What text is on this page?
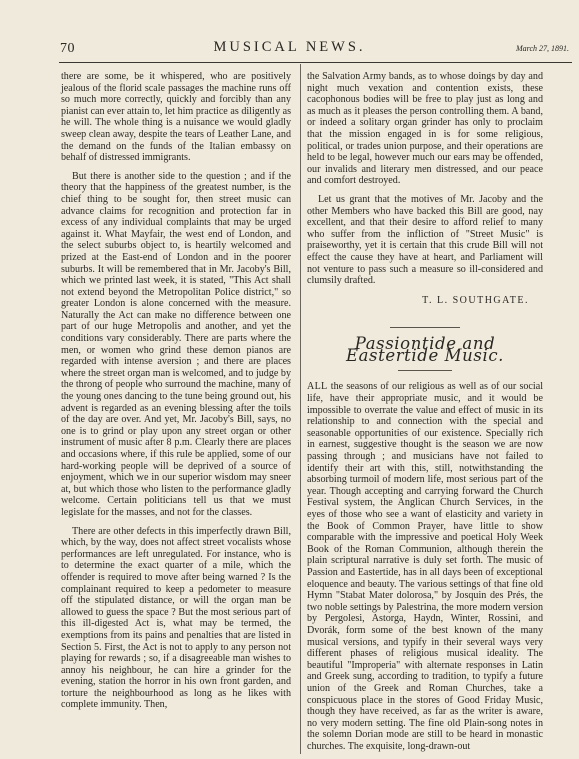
70	MUSICAL NEWS.	March 27, 1891.

there are some, be it whispered, who are positively jealous of the florid scale passages the machine runs off so much more correctly, quickly and forcibly than any pianist can ever attain to, let him practice as diligently as he will. The whole thing is a nuisance we would gladly sweep clean away, despite the tears of Leather Lane, and the demand on the funds of the Italian embassy on behalf of distressed immigrants.

But there is another side to the question ; and if the theory that the happiness of the greatest number, is the chief thing to be sought for, then street music can advance claims for recognition and protection far in excess of any individual complaints that may be urged against it. What Mayfair, the west end of London, and the select suburbs object to, is heartily welcomed and prized at the East-end of London and in the poorer suburbs. It will be remembered that in Mr. Jacoby's Bill, which we printed last week, it is stated, "This Act shall not extend beyond the Metropolitan Police district," so greater London is alone concerned with the measure. Naturally the Act can make no difference between one part of our huge Metropolis and another, and yet the conditions vary considerably. There are parts where the men, or women who grind these demon pianos are regarded with intense aversion ; and there are places where the street organ man is welcomed, and to judge by the throng of people who surround the machine, many of the young ones dancing to the tune being ground out, his advent is regarded as an evening blessing after the toils of the day are over. And yet, Mr. Jacoby's Bill, says, no one is to grind or play upon any street organ or other instrument of music after 8 p.m. Clearly there are places and occasions where, if this rule be applied, some of our hard-working people will be deprived of a source of enjoyment, which we in our superior wisdom may sneer at, but which those who listen to the performance gladly welcome. Certain politicians tell us that we must legislate for the masses, and not for the classes.

There are other defects in this imperfectly drawn Bill, which, by the way, does not affect street vocalists whose performances are left unregulated. For instance, who is to determine the exact quarter of a mile, which the offender is required to move after being warned ? Is the complainant required to keep a pedometer to measure off the stipulated distance, or will the organ man be allowed to guess the space ? But the most serious part of this ill-digested Act is, what may be termed, the exemptions from its pains and penalties that are listed in Section 5. First, the Act is not to apply to any person not playing for rewards ; so, if a disagreeable man wishes to annoy his neighbour, he can hire a grinder for the evening, station the horror in his own front garden, and torture the neighbourhood as long as he likes with complete immunity. Then,

the Salvation Army bands, as to whose doings by day and night much vexation and contention exists, these cacophonous bodies will be free to play just as long and as much as it pleases the person controlling them. A band, or indeed a solitary organ grinder has only to proclaim that the mission engaged in is for some religious, political, or trades union purpose, and their operations are held to be legal, however much our ears may be offended, our invalids and literary men distressed, and our peace and comfort destroyed.

Let us grant that the motives of Mr. Jacoby and the other Members who have backed this Bill are good, nay excellent, and that their desire to afford relief to many who suffer from the infliction of "Street Music" is praiseworthy, yet it is certain that this crude Bill will not effect the cause they have at heart, and Parliament will not venture to pass such a measure so ill-considered and clumsily drafted.

T. L. SOUTHGATE.
Passiontide and Eastertide Music.

ALL the seasons of our religious as well as of our social life, have their appropriate music, and it would be impossible to overrate the value and effect of music in its relationship to and connection with the special and seasonable opportunities of our existence. Specially rich in earnest, suggestive thought is the season we are now passing through ; and musicians have not failed to identify their art with this, still, notwithstanding the absorbing turmoil of modern life, most serious part of the year. Though accepting and carrying forward the Church Festival system, the Anglican Church Services, in the eyes of those who see a want of elasticity and variety in the Book of Common Prayer, have little to show comparable with the impressive and poetical Holy Week Book of the Roman Communion, although therein the plain scriptural narrative is duly set forth. The music of Passion and Eastertide, has in all days been of exceptional eloquence and beauty. The various settings of that fine old Hymn "Stabat Mater dolorosa," by Josquin des Prés, the two noble settings by Palestrina, the more modern version by Pergolesi, Astorga, Haydn, Winter, Rossini, and Dvorák, form some of the best known of the many musical versions, and typify in their several ways very different phases of religious musical ideality. The beautiful "Improperia" with alternate responses in Latin and Greek sung, according to tradition, to typify a future union of the Greek and Roman Churches, take a conspicuous place in the stores of Good Friday Music, though they have received, as far as the writer is aware, no very modern setting. The fine old Plain-song notes in the solemn Dorian mode are still to be heard in monastic churches. The exquisite, long-drawn-out
